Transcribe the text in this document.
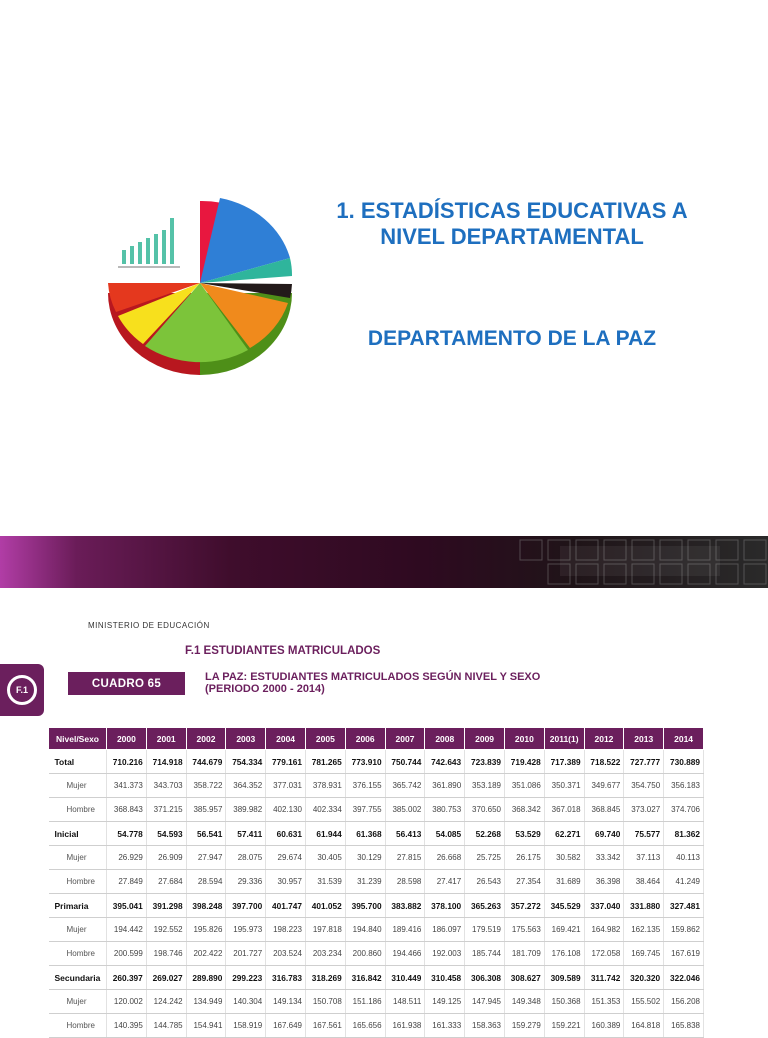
1. ESTADÍSTICAS EDUCATIVAS A
NIVEL DEPARTAMENTAL
DEPARTAMENTO DE LA PAZ
MINISTERIO DE EDUCACIÓN
F.1 ESTUDIANTES MATRICULADOS
F.1
CUADRO 65
LA PAZ: ESTUDIANTES MATRICULADOS SEGÚN NIVEL Y SEXO
(PERIODO 2000 - 2014)
Nivel/Sexo	2000	2001	2002	2003	2004	2005	2006	2007	2008	2009	2010	2011(1)	2012	2013	2014
Total	710.216	714.918	744.679	754.334	779.161	781.265	773.910	750.744	742.643	723.839	719.428	717.389	718.522	727.777	730.889
Mujer	341.373	343.703	358.722	364.352	377.031	378.931	376.155	365.742	361.890	353.189	351.086	350.371	349.677	354.750	356.183
Hombre	368.843	371.215	385.957	389.982	402.130	402.334	397.755	385.002	380.753	370.650	368.342	367.018	368.845	373.027	374.706
Inicial	54.778	54.593	56.541	57.411	60.631	61.944	61.368	56.413	54.085	52.268	53.529	62.271	69.740	75.577	81.362
Mujer	26.929	26.909	27.947	28.075	29.674	30.405	30.129	27.815	26.668	25.725	26.175	30.582	33.342	37.113	40.113
Hombre	27.849	27.684	28.594	29.336	30.957	31.539	31.239	28.598	27.417	26.543	27.354	31.689	36.398	38.464	41.249
Primaria	395.041	391.298	398.248	397.700	401.747	401.052	395.700	383.882	378.100	365.263	357.272	345.529	337.040	331.880	327.481
Mujer	194.442	192.552	195.826	195.973	198.223	197.818	194.840	189.416	186.097	179.519	175.563	169.421	164.982	162.135	159.862
Hombre	200.599	198.746	202.422	201.727	203.524	203.234	200.860	194.466	192.003	185.744	181.709	176.108	172.058	169.745	167.619
Secundaria	260.397	269.027	289.890	299.223	316.783	318.269	316.842	310.449	310.458	306.308	308.627	309.589	311.742	320.320	322.046
Mujer	120.002	124.242	134.949	140.304	149.134	150.708	151.186	148.511	149.125	147.945	149.348	150.368	151.353	155.502	156.208
Hombre	140.395	144.785	154.941	158.919	167.649	167.561	165.656	161.938	161.333	158.363	159.279	159.221	160.389	164.818	165.838
